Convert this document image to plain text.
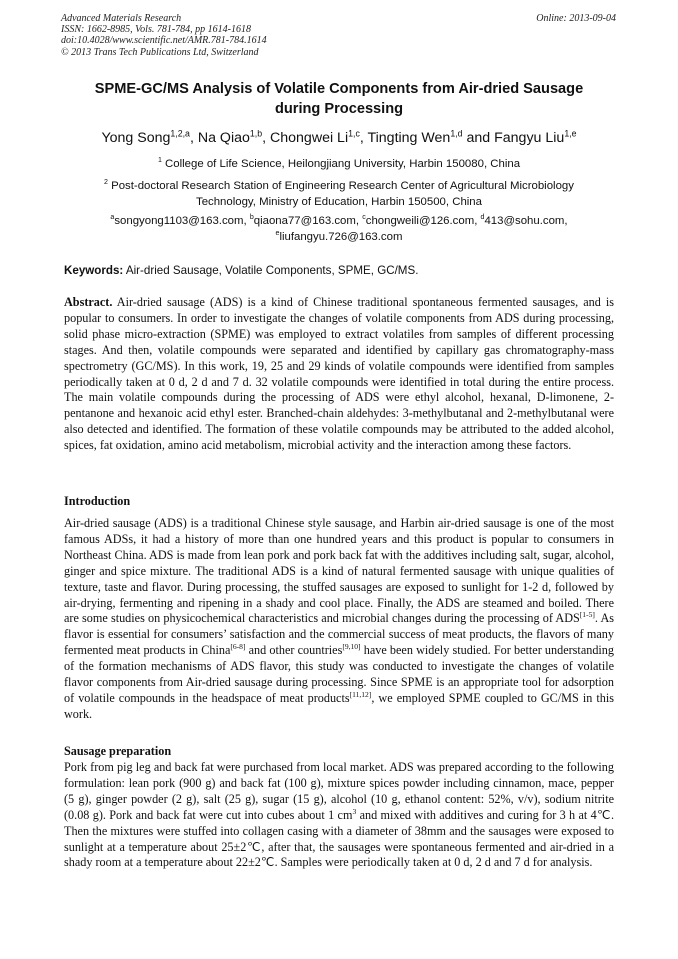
Advanced Materials Research
ISSN: 1662-8985, Vols. 781-784, pp 1614-1618
doi:10.4028/www.scientific.net/AMR.781-784.1614
© 2013 Trans Tech Publications Ltd, Switzerland
Online: 2013-09-04
SPME-GC/MS Analysis of Volatile Components from Air-dried Sausage
during Processing
Yong Song$^{1,2,a}$, Na Qiao$^{1,b}$, Chongwei Li$^{1,c}$, Tingting Wen$^{1,d}$ and Fangyu Liu$^{1,e}$
$^1$ College of Life Science, Heilongjiang University, Harbin 150080, China
$^2$ Post-doctoral Research Station of Engineering Research Center of Agricultural Microbiology
Technology, Ministry of Education, Harbin 150500, China
$^a$songyong1103@163.com, $^b$qiaona77@163.com, $^c$chongweili@126.com, $^d$413@sohu.com,
$^e$liufangyu.726@163.com
Keywords: Air-dried Sausage, Volatile Components, SPME, GC/MS.
Abstract. Air-dried sausage (ADS) is a kind of Chinese traditional spontaneous fermented sausages, and is popular to consumers. In order to investigate the changes of volatile components from ADS during processing, solid phase micro-extraction (SPME) was employed to extract volatiles from samples of different processing stages. And then, volatile compounds were separated and identified by capillary gas chromatography-mass spectrometry (GC/MS). In this work, 19, 25 and 29 kinds of volatile compounds were identified from samples periodically taken at 0 d, 2 d and 7 d. 32 volatile compounds were identified in total during the entire process. The main volatile compounds during the processing of ADS were ethyl alcohol, hexanal, D-limonene, 2-pentanone and hexanoic acid ethyl ester. Branched-chain aldehydes: 3-methylbutanal and 2-methylbutanal were also detected and identified. The formation of these volatile compounds may be attributed to the added alcohol, spices, fat oxidation, amino acid metabolism, microbial activity and the interaction among these factors.
Introduction
Air-dried sausage (ADS) is a traditional Chinese style sausage, and Harbin air-dried sausage is one of the most famous ADSs, it had a history of more than one hundred years and this product is popular to consumers in Northeast China. ADS is made from lean pork and pork back fat with the additives including salt, sugar, alcohol, ginger and spice mixture. The traditional ADS is a kind of natural fermented sausage with unique qualities of texture, taste and flavor. During processing, the stuffed sausages are exposed to sunlight for 1-2 d, followed by air-drying, fermenting and ripening in a shady and cool place. Finally, the ADS are steamed and boiled. There are some studies on physicochemical characteristics and microbial changes during the processing of ADS[1-5]. As flavor is essential for consumers’ satisfaction and the commercial success of meat products, the flavors of many fermented meat products in China[6-8] and other countries[9,10] have been widely studied. For better understanding of the formation mechanisms of ADS flavor, this study was conducted to investigate the changes of volatile flavor components from Air-dried sausage during processing. Since SPME is an appropriate tool for adsorption of volatile compounds in the headspace of meat products[11,12], we employed SPME coupled to GC/MS in this work.
Sausage preparation
Pork from pig leg and back fat were purchased from local market. ADS was prepared according to the following formulation: lean pork (900 g) and back fat (100 g), mixture spices powder including cinnamon, mace, pepper (5 g), ginger powder (2 g), salt (25 g), sugar (15 g), alcohol (10 g, ethanol content: 52%, v/v), sodium nitrite (0.08 g). Pork and back fat were cut into cubes about 1 $cm^3$ and mixed with additives and curing for 3 h at 4℃. Then the mixtures were stuffed into collagen casing with a diameter of 38mm and the sausages were exposed to sunlight at a temperature about 25±2℃, after that, the sausages were spontaneous fermented and air-dried in a shady room at a temperature about 22±2℃. Samples were periodically taken at 0 d, 2 d and 7 d for analysis.
